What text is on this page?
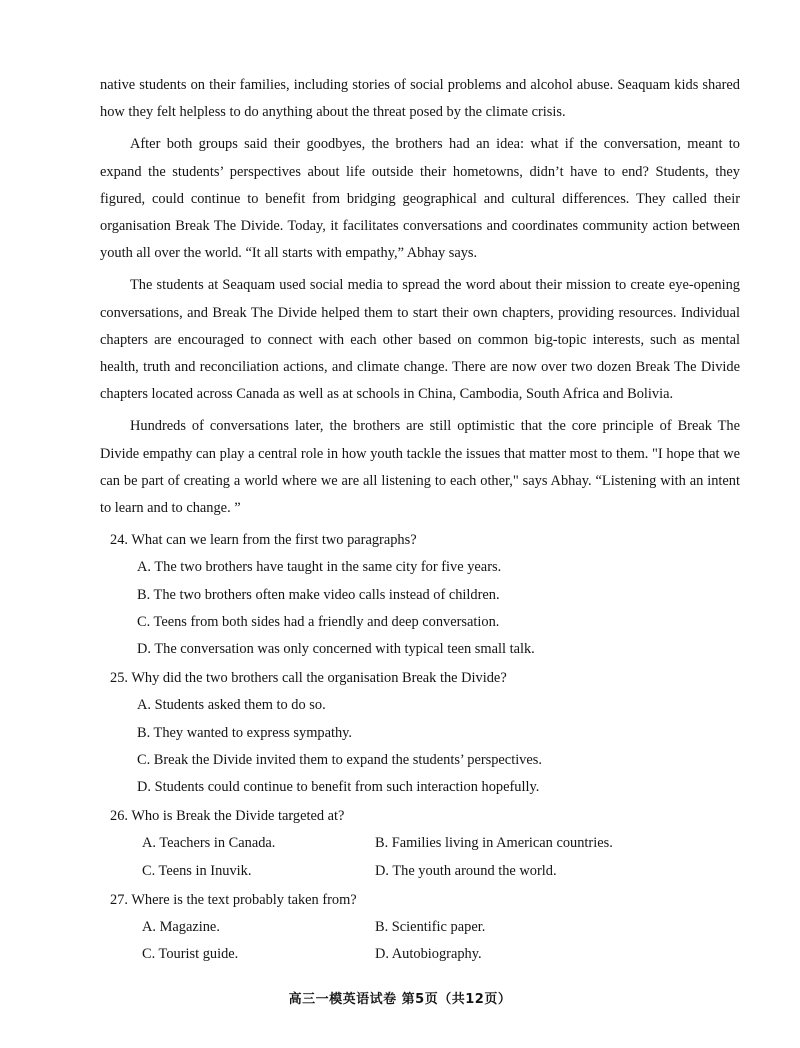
native students on their families, including stories of social problems and alcohol abuse. Seaquam kids shared how they felt helpless to do anything about the threat posed by the climate crisis.

After both groups said their goodbyes, the brothers had an idea: what if the conversation, meant to expand the students’ perspectives about life outside their hometowns, didn’t have to end? Students, they figured, could continue to benefit from bridging geographical and cultural differences. They called their organisation Break The Divide. Today, it facilitates conversations and coordinates community action between youth all over the world. “It all starts with empathy,” Abhay says.

The students at Seaquam used social media to spread the word about their mission to create eye-opening conversations, and Break The Divide helped them to start their own chapters, providing resources. Individual chapters are encouraged to connect with each other based on common big-topic interests, such as mental health, truth and reconciliation actions, and climate change. There are now over two dozen Break The Divide chapters located across Canada as well as at schools in China, Cambodia, South Africa and Bolivia.

Hundreds of conversations later, the brothers are still optimistic that the core principle of Break The Divide empathy can play a central role in how youth tackle the issues that matter most to them. "I hope that we can be part of creating a world where we are all listening to each other," says Abhay. “Listening with an intent to learn and to change. ”

24. What can we learn from the first two paragraphs?

A. The two brothers have taught in the same city for five years.
B. The two brothers often make video calls instead of children.
C. Teens from both sides had a friendly and deep conversation.
D. The conversation was only concerned with typical teen small talk.

25. Why did the two brothers call the organisation Break the Divide?

A. Students asked them to do so.
B. They wanted to express sympathy.
C. Break the Divide invited them to expand the students’ perspectives.
D. Students could continue to benefit from such interaction hopefully.

26. Who is Break the Divide targeted at?

A. Teachers in Canada.	B. Families living in American countries.
C. Teens in Inuvik.	D. The youth around the world.

27. Where is the text probably taken from?

A. Magazine.	B. Scientific paper.
C. Tourist guide.	D. Autobiography.
高三一模英语试卷 第5页（共12页）
